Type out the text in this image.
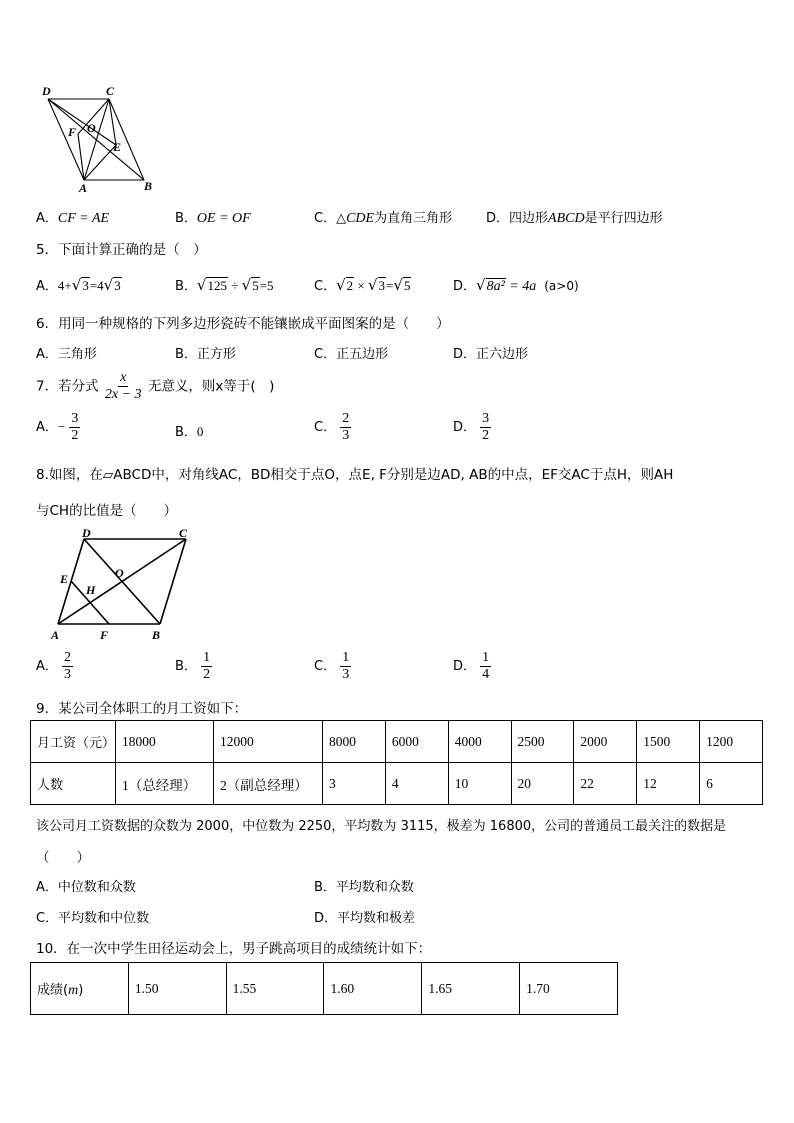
D	C
F O
E
A	B
A．CF = AE	B．OE = OF	C．△CDE为直角三角形	D．四边形ABCD是平行四边形
5．下面计算正确的是（　）
A．4+√3=4√3	B．√125 ÷ √5=5	C．√2 × √3=√5	D．√8a² = 4a (a>0)
6．用同一种规格的下列多边形瓷砖不能镶嵌成平面图案的是（　　）
A．三角形	B．正方形	C．正五边形	D．正六边形
7．若分式 $\frac{x}{2x - 3}$ 无意义，则x等于(　)
A．− $\frac{3}{2}$	B．0	C． $\frac{2}{3}$	D． $\frac{3}{2}$
8.如图，在▱ABCD中，对角线AC，BD相交于点O，点E, F分别是边AD, AB的中点，EF交AC于点H，则AH
与CH的比值是（　　）
D	C
E	O
H
A	F	B
A． $\frac{2}{3}$	B． $\frac{1}{2}$	C． $\frac{1}{3}$	D． $\frac{1}{4}$
9．某公司全体职工的月工资如下：
月工资（元）	18000	12000	8000	6000	4000	2500	2000	1500	1200
人数	1（总经理）	2（副总经理）	3	4	10	20	22	12	6
该公司月工资数据的众数为 2000，中位数为 2250，平均数为 3115，极差为 16800，公司的普通员工最关注的数据是
（　　）
A．中位数和众数	B．平均数和众数
C．平均数和中位数	D．平均数和极差
10．在一次中学生田径运动会上，男子跳高项目的成绩统计如下：
成绩(m)	1.50	1.55	1.60	1.65	1.70
